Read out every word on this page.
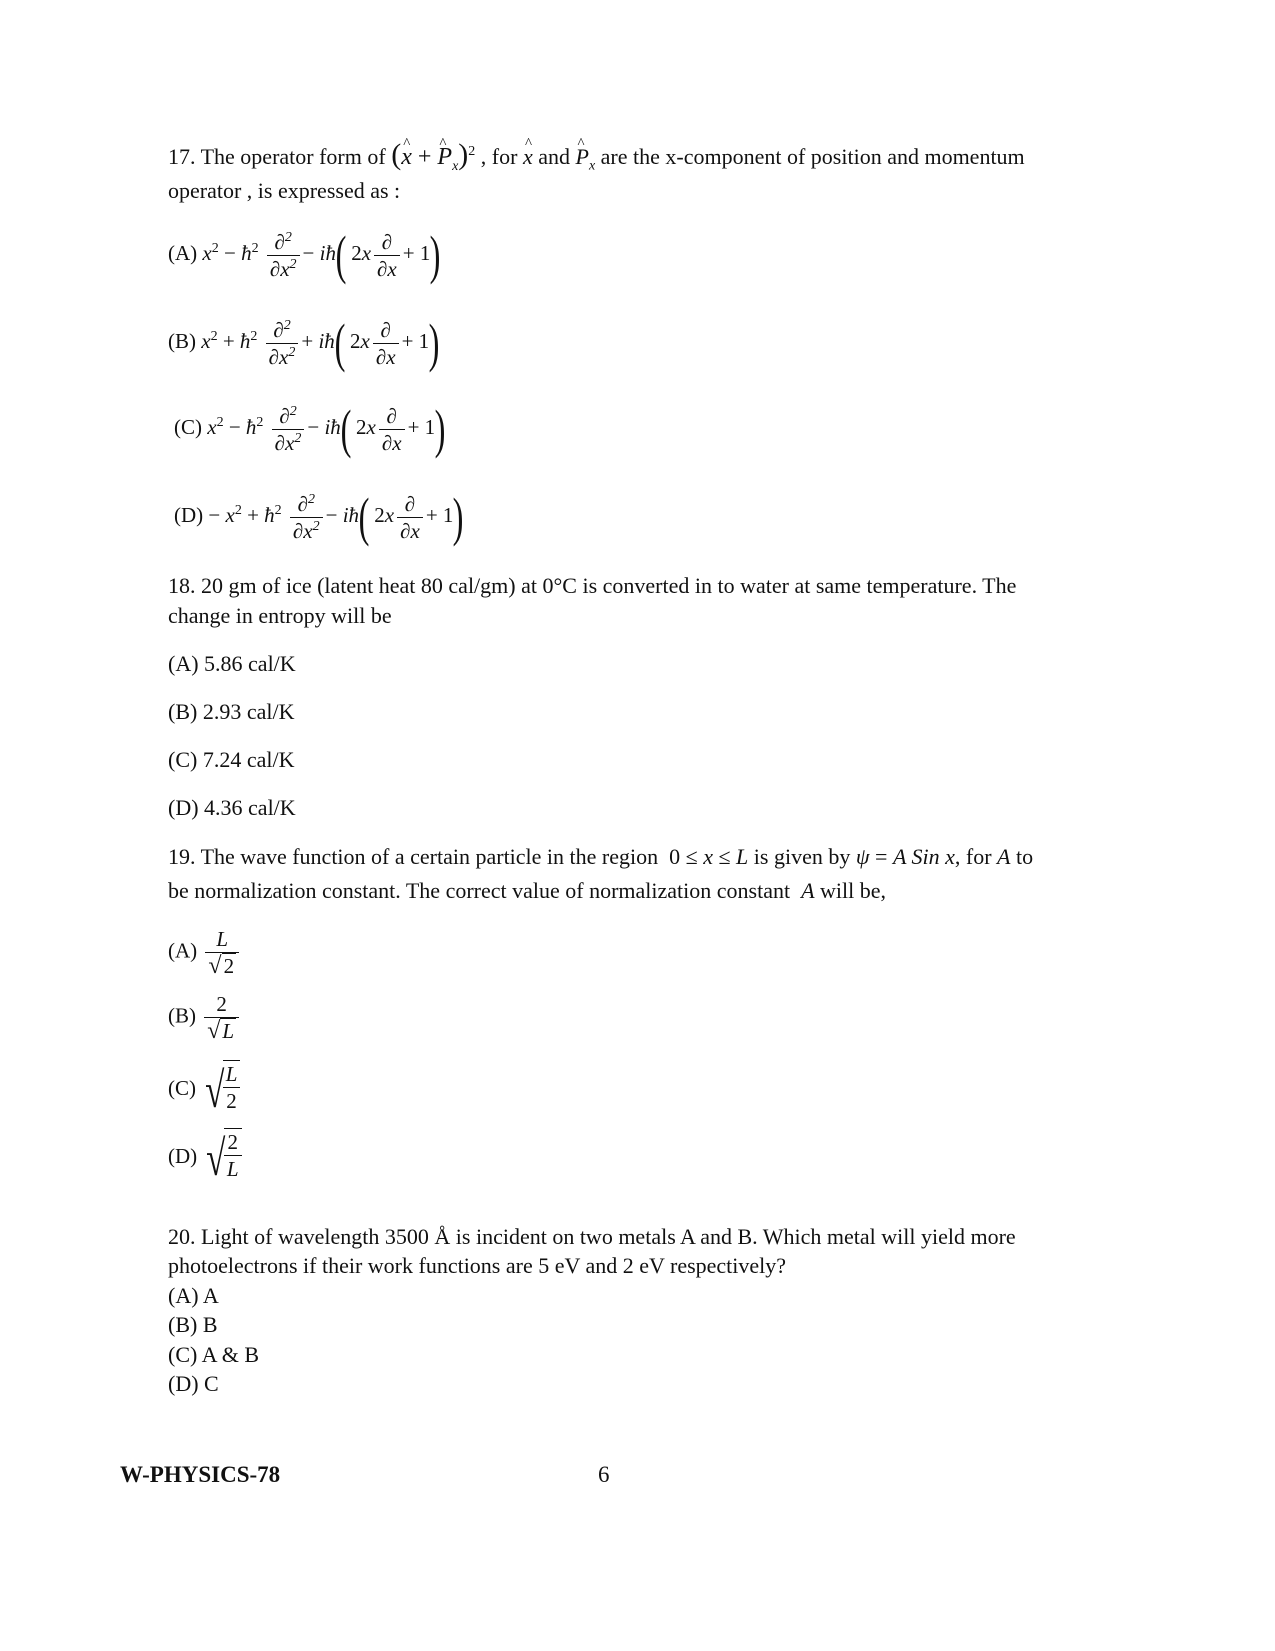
17. The operator form of (^ x + ^ $P_x)^2$ , for ^ x and ^ $P_x$ are the x-component of position and momentum
operator , is expressed as :
(A) $x^2$ − $ħ^2 \frac{\partial^2}{\partial x^2}$ − iħ( $2x \frac{\partial}{\partial x} + 1$)
(B) $x^2$ + $ħ^2 \frac{\partial^2}{\partial x^2}$ + iħ( $2x \frac{\partial}{\partial x} + 1$)
(C) $x^2$ − $ħ^2 \frac{\partial^2}{\partial x^2}$ − iħ( $2x \frac{\partial}{\partial x} + 1$)
$(D) - x^2$ + $ħ^2 \frac{\partial^2}{\partial x^2}$ − iħ( $2x \frac{\partial}{\partial x} + 1$)
18. 20 gm of ice (latent heat 80 cal/gm) at 0°C is converted in to water at same temperature. The
change in entropy will be
(A) 5.86 cal/K
(B) 2.93 cal/K
(C) 7.24 cal/K
(D) 4.36 cal/K
19. The wave function of a certain particle in the region  0 ≤ x ≤ L is given by ψ = A Sin x, for A to
be normalization constant. The correct value of normalization constant  A will be,
$(A) \frac{L}{√2}$
$(B) \frac{2}{√L}$
(C) √
$\frac{L}{2}$
(D) √
$\frac{2}{L}$
20. Light of wavelength 3500 Å is incident on two metals A and B. Which metal will yield more
photoelectrons if their work functions are 5 eV and 2 eV respectively?
(A) A
(B) B
(C) A & B
(D) C
W-PHYSICS-78	6
